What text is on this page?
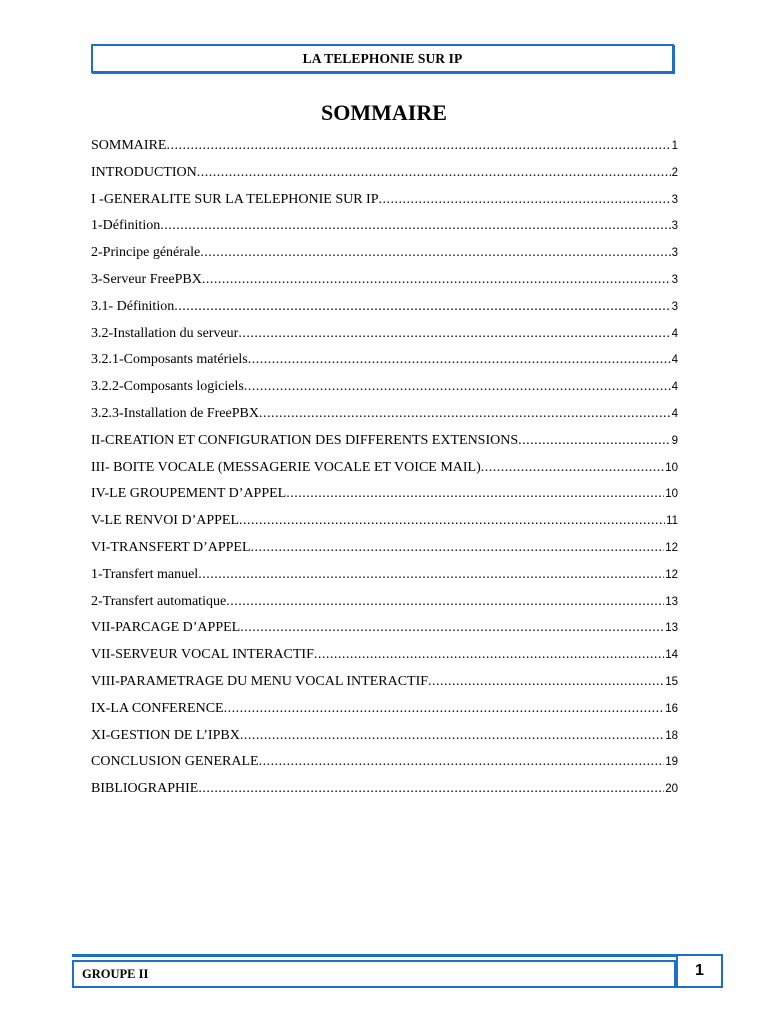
LA TELEPHONIE SUR IP
SOMMAIRE
SOMMAIRE .....	1
INTRODUCTION .....	2
I -GENERALITE SUR LA TELEPHONIE SUR IP .....	3
1-Définition .....	3
2-Principe générale .....	3
3-Serveur FreePBX .....	3
3.1- Définition .....	3
3.2-Installation du serveur .....	4
3.2.1-Composants matériels .....	4
3.2.2-Composants logiciels .....	4
3.2.3-Installation de FreePBX .....	4
II-CREATION ET CONFIGURATION DES DIFFERENTS EXTENSIONS .....	9
III- BOITE VOCALE (MESSAGERIE VOCALE ET VOICE MAIL) .....	10
IV-LE GROUPEMENT D’APPEL .....	10
V-LE RENVOI D’APPEL .....	11
VI-TRANSFERT D’APPEL .....	12
1-Transfert manuel .....	12
2-Transfert automatique .....	13
VII-PARCAGE D’APPEL .....	13
VII-SERVEUR VOCAL INTERACTIF .....	14
VIII-PARAMETRAGE DU MENU VOCAL INTERACTIF .....	15
IX-LA CONFERENCE .....	16
XI-GESTION DE L’IPBX .....	18
CONCLUSION GENERALE .....	19
BIBLIOGRAPHIE .....	20
GROUPE II	1
